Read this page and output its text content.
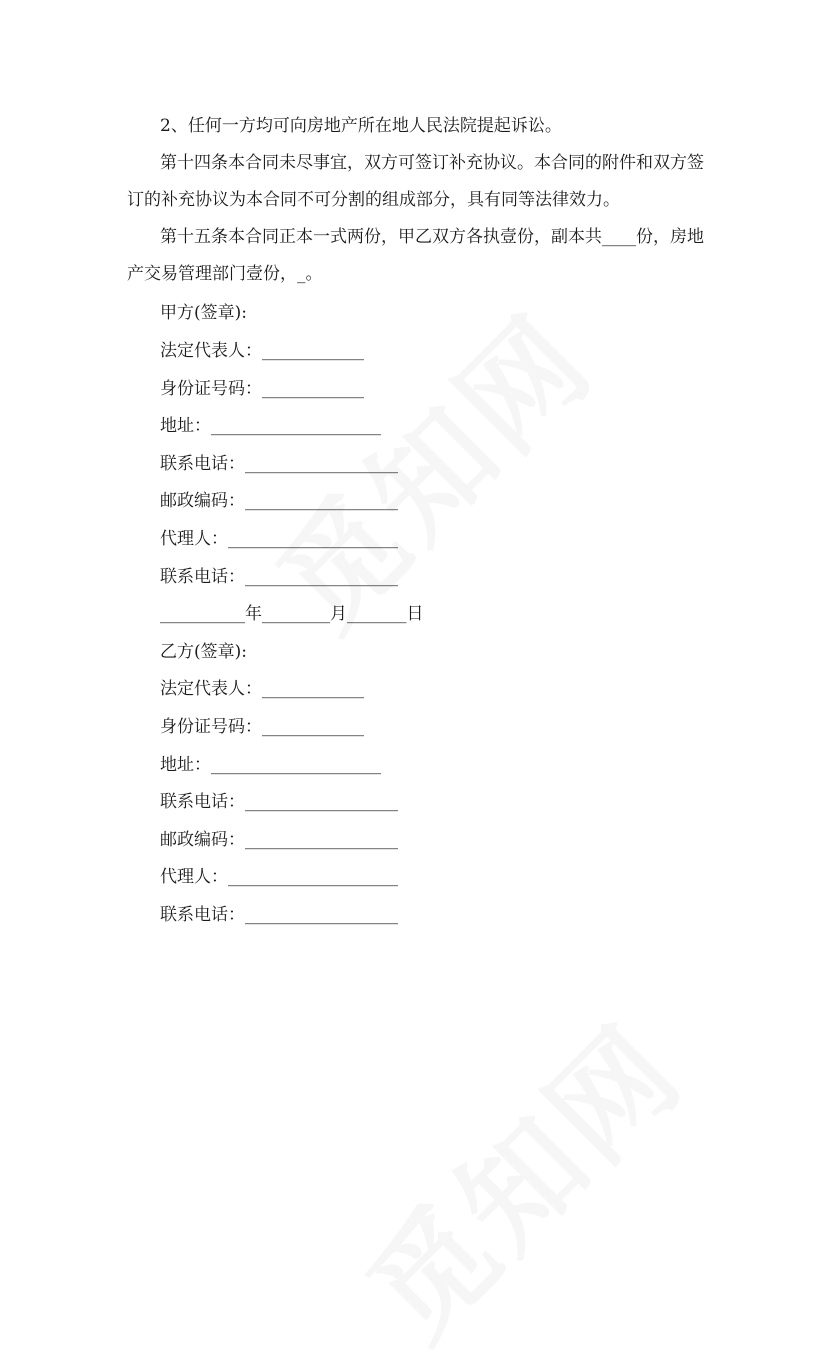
2、任何一方均可向房地产所在地人民法院提起诉讼。
第十四条本合同未尽事宜，双方可签订补充协议。本合同的附件和双方签订的补充协议为本合同不可分割的组成部分，具有同等法律效力。
第十五条本合同正本一式两份，甲乙双方各执壹份，副本共____份，房地产交易管理部门壹份，_。
甲方(签章):
法定代表人：____________
身份证号码：____________
地址：____________________
联系电话：__________________
邮政编码：__________________
代理人：____________________
联系电话：__________________
__________年________月_______日
乙方(签章):
法定代表人：____________
身份证号码：____________
地址：____________________
联系电话：__________________
邮政编码：__________________
代理人：____________________
联系电话：__________________
